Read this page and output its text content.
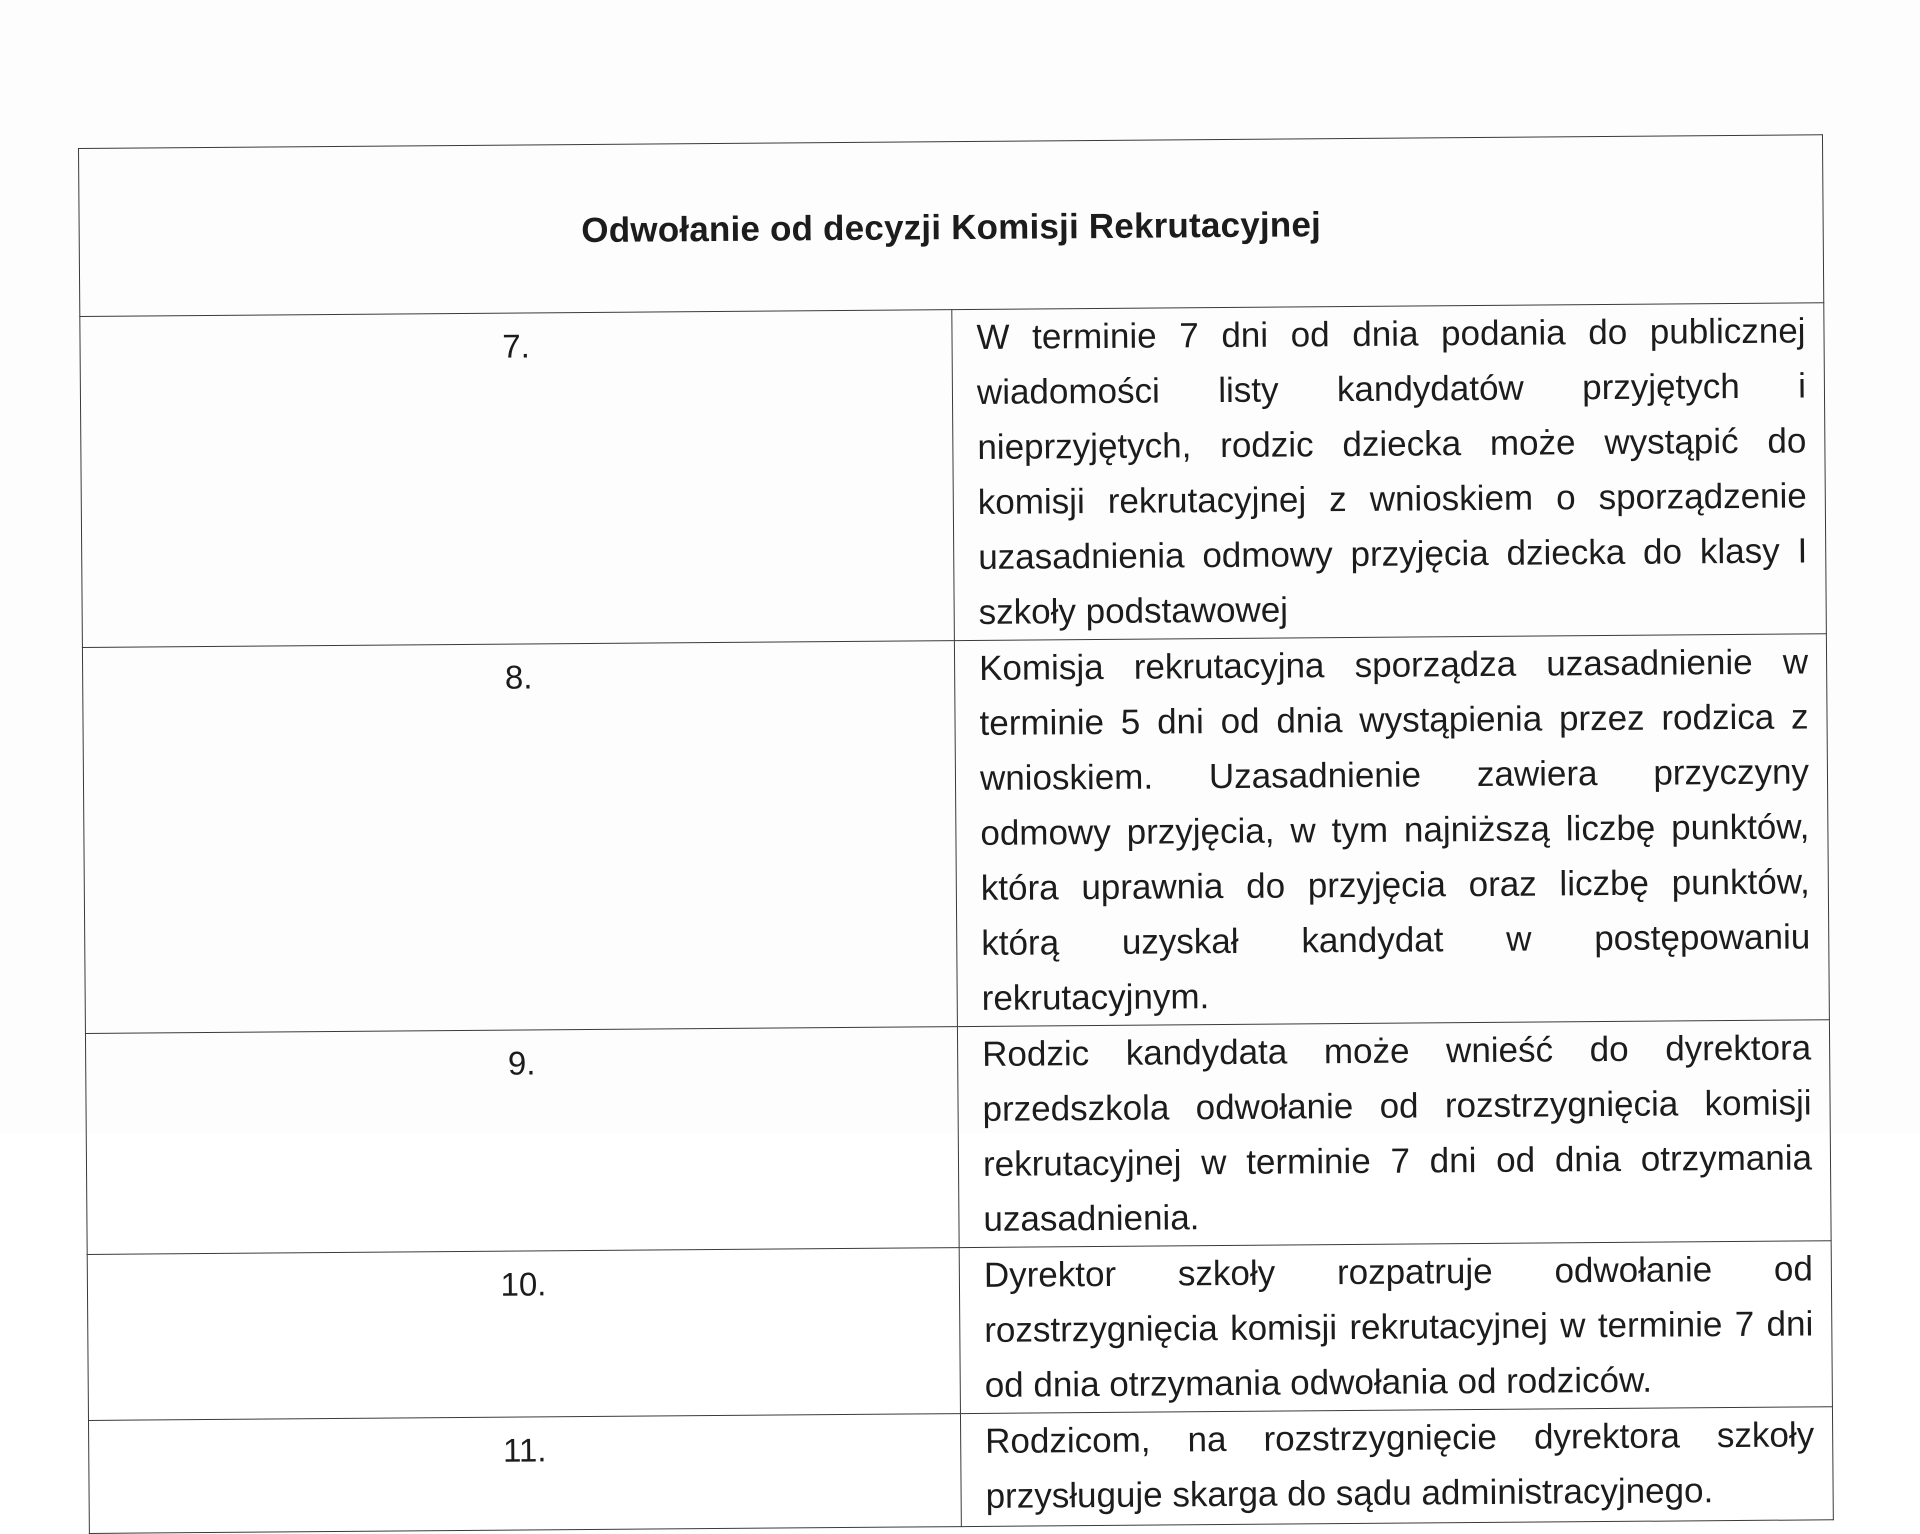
Odwołanie od decyzji Komisji Rekrutacyjnej	
7.	W terminie 7 dni od dnia podania do publicznej wiadomości listy kandydatów przyjętych i nieprzyjętych, rodzic dziecka może wystąpić do komisji rekrutacyjnej z wnioskiem o sporządzenie uzasadnienia odmowy przyjęcia dziecka do klasy I szkoły podstawowej
8.	Komisja rekrutacyjna sporządza uzasadnienie w terminie 5 dni od dnia wystąpienia przez rodzica z wnioskiem. Uzasadnienie zawiera przyczyny odmowy przyjęcia, w tym najniższą liczbę punktów, która uprawnia do przyjęcia oraz liczbę punktów, którą uzyskał kandydat w postępowaniu rekrutacyjnym.
9.	Rodzic kandydata może wnieść do dyrektora przedszkola odwołanie od rozstrzygnięcia komisji rekrutacyjnej w terminie 7 dni od dnia otrzymania uzasadnienia.
10.	Dyrektor szkoły rozpatruje odwołanie od rozstrzygnięcia komisji rekrutacyjnej w terminie 7 dni od dnia otrzymania odwołania od rodziców.
11.	Rodzicom, na rozstrzygnięcie dyrektora szkoły przysługuje skarga do sądu administracyjnego.
